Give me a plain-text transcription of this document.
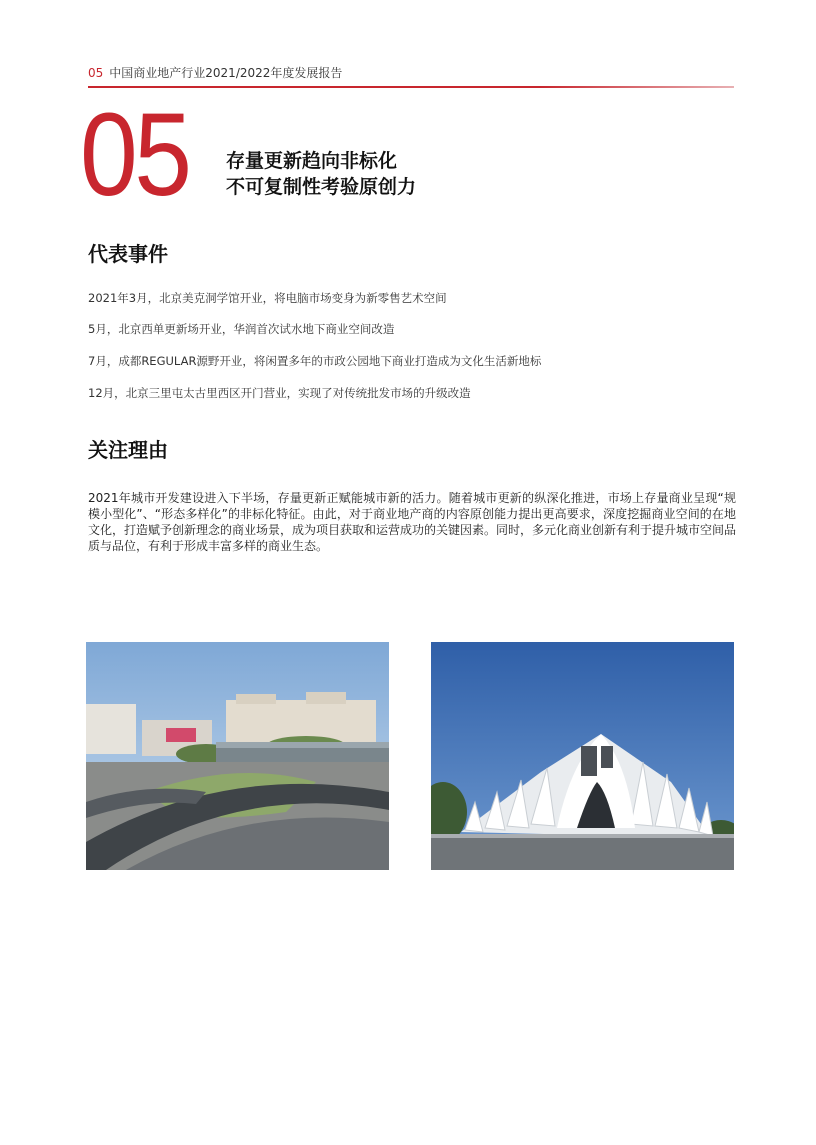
05 中国商业地产行业2021/2022年度发展报告
05 存量更新趋向非标化
不可复制性考验原创力
代表事件
2021年3月，北京美克洞学馆开业，将电脑市场变身为新零售艺术空间
5月，北京西单更新场开业，华润首次试水地下商业空间改造
7月，成都REGULAR源野开业，将闲置多年的市政公园地下商业打造成为文化生活新地标
12月，北京三里屯太古里西区开门营业，实现了对传统批发市场的升级改造
关注理由
2021年城市开发建设进入下半场，存量更新正赋能城市新的活力。随着城市更新的纵深化推进，市场上存量商业呈现“规模小型化”、“形态多样化”的非标化特征。由此，对于商业地产商的内容原创能力提出更高要求，深度挖掘商业空间的在地文化，打造赋予创新理念的商业场景，成为项目获取和运营成功的关键因素。同时，多元化商业创新有利于提升城市空间品质与品位，有利于形成丰富多样的商业生态。
